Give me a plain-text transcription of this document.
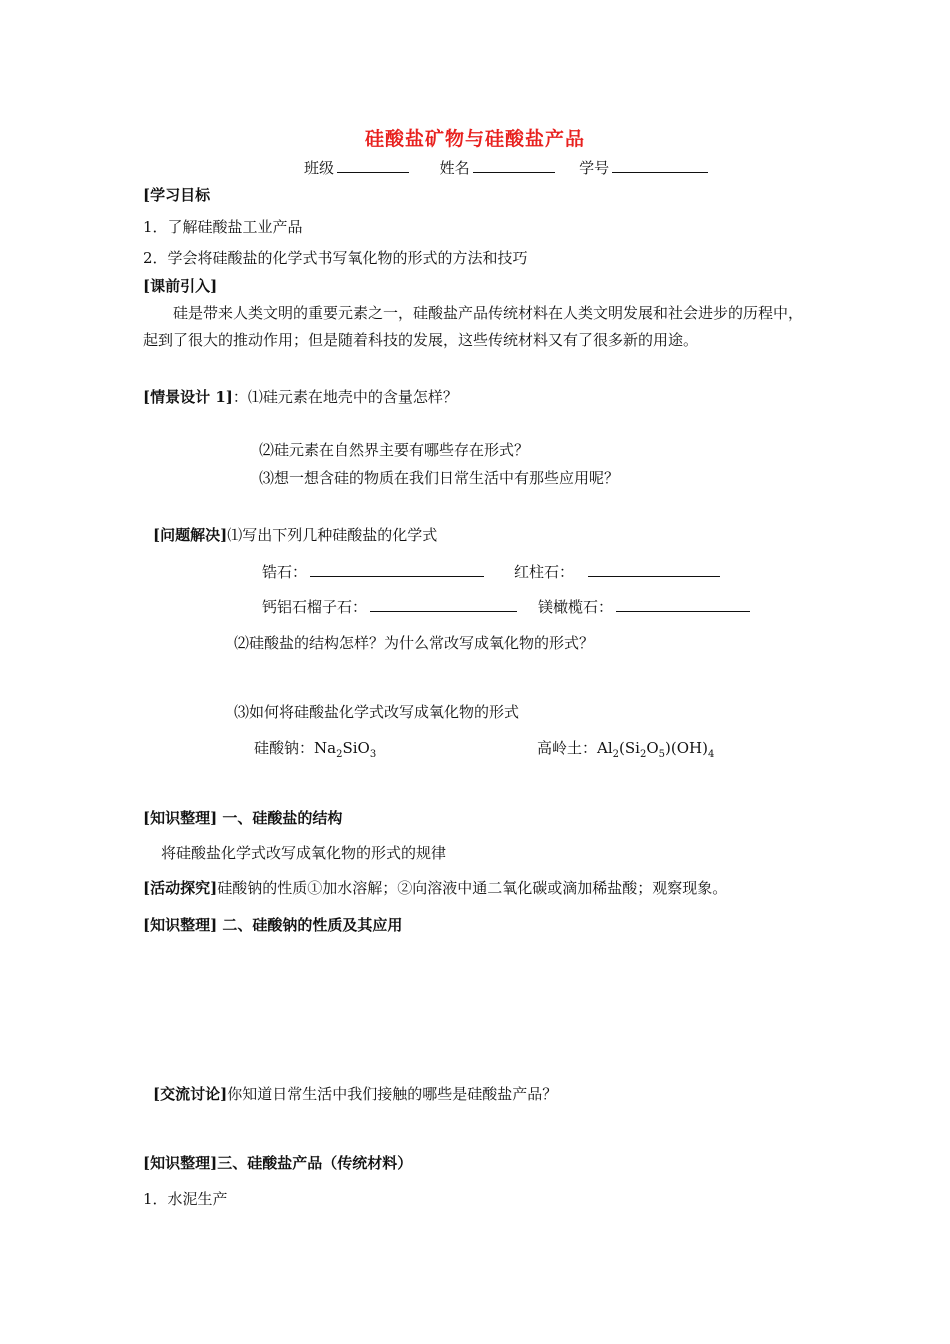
硅酸盐矿物与硅酸盐产品
班级	姓名	学号
[学习目标
1．了解硅酸盐工业产品
2．学会将硅酸盐的化学式书写氧化物的形式的方法和技巧
[课前引入]
硅是带来人类文明的重要元素之一，硅酸盐产品传统材料在人类文明发展和社会进步的历程中，起到了很大的推动作用；但是随着科技的发展，这些传统材料又有了很多新的用途。
[情景设计 1]：⑴硅元素在地壳中的含量怎样？
⑵硅元素在自然界主要有哪些存在形式？
⑶想一想含硅的物质在我们日常生活中有那些应用呢？
[问题解决]⑴写出下列几种硅酸盐的化学式
锆石：	红柱石：
钙铝石榴子石：	镁橄榄石：
⑵硅酸盐的结构怎样？为什么常改写成氧化物的形式？
⑶如何将硅酸盐化学式改写成氧化物的形式
硅酸钠：$Na_2SiO_3$	高岭土：$Al_2(Si_2O_5)(OH)_4$
[知识整理] 一、硅酸盐的结构
将硅酸盐化学式改写成氧化物的形式的规律
[活动探究]硅酸钠的性质①加水溶解；②向溶液中通二氧化碳或滴加稀盐酸；观察现象。
[知识整理] 二、硅酸钠的性质及其应用
[交流讨论]你知道日常生活中我们接触的哪些是硅酸盐产品？
[知识整理]三、硅酸盐产品（传统材料）
1．水泥生产
